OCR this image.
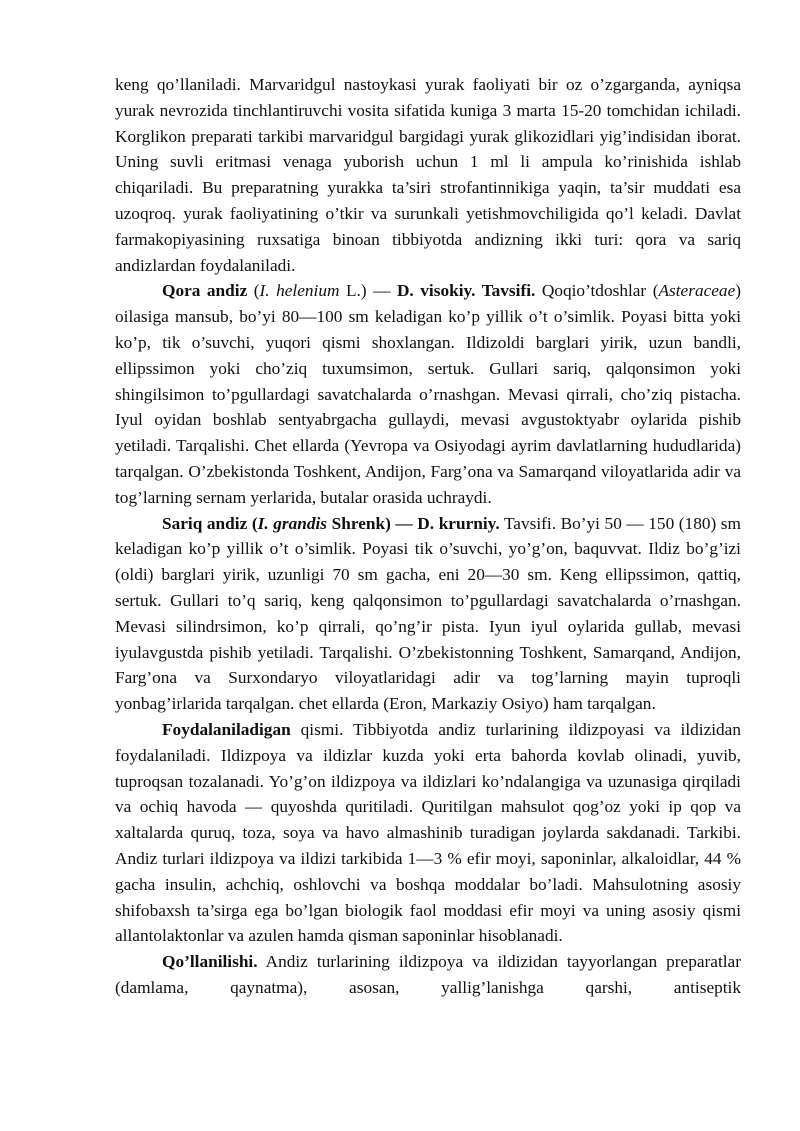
keng qo’llaniladi. Marvaridgul nastoykasi yurak faoliyati bir oz o’zgarganda, ayniqsa yurak nevrozida tinchlantiruvchi vosita sifatida kuniga 3 marta 15-20 tomchidan ichiladi. Korglikon preparati tarkibi marvaridgul bargidagi yurak glikozidlari yig’indisidan iborat. Uning suvli eritmasi venaga yuborish uchun 1 ml li ampula ko’rinishida ishlab chiqariladi. Bu preparatning yurakka ta’siri strofantinnikiga yaqin, ta’sir muddati esa uzoqroq. yurak faoliyatining o’tkir va surunkali yetishmovchiligida qo’l keladi. Davlat farmakopiyasining ruxsatiga binoan tibbiyotda andizning ikki turi: qora va sariq andizlardan foydalaniladi.

Qora andiz (I. helenium L.) — D. visokiy. Tavsifi. Qoqio’tdoshlar (Asteraceae) oilasiga mansub, bo’yi 80—100 sm keladigan ko’p yillik o’t o’simlik. Poyasi bitta yoki ko’p, tik o’suvchi, yuqori qismi shoxlangan. Ildizoldi barglari yirik, uzun bandli, ellipssimon yoki cho’ziq tuxumsimon, sertuk. Gullari sariq, qalqonsimon yoki shingilsimon to’pgullardagi savatchalarda o’rnashgan. Mevasi qirrali, cho’ziq pistacha. Iyul oyidan boshlab sentyabrgacha gullaydi, mevasi avgustoktyabr oylarida pishib yetiladi. Tarqalishi. Chet ellarda (Yevropa va Osiyodagi ayrim davlatlarning hududlarida) tarqalgan. O’zbekistonda Toshkent, Andijon, Farg’ona va Samarqand viloyatlarida adir va tog’larning sernam yerlarida, butalar orasida uchraydi.

Sariq andiz (I. grandis Shrenk) — D. krurniy. Tavsifi. Bo’yi 50 — 150 (180) sm keladigan ko’p yillik o’t o’simlik. Poyasi tik o’suvchi, yo’g’on, baquvvat. Ildiz bo’g’izi (oldi) barglari yirik, uzunligi 70 sm gacha, eni 20—30 sm. Keng ellipssimon, qattiq, sertuk. Gullari to’q sariq, keng qalqonsimon to’pgullardagi savatchalarda o’rnashgan. Mevasi silindrsimon, ko’p qirrali, qo’ng’ir pista. Iyun iyul oylarida gullab, mevasi iyulavgustda pishib yetiladi. Tarqalishi. O’zbekistonning Toshkent, Samarqand, Andijon, Farg’ona va Surxondaryo viloyatlaridagi adir va tog’larning mayin tuproqli yonbag’irlarida tarqalgan. chet ellarda (Eron, Markaziy Osiyo) ham tarqalgan.

Foydalaniladigan qismi. Tibbiyotda andiz turlarining ildizpoyasi va ildizidan foydalaniladi. Ildizpoya va ildizlar kuzda yoki erta bahorda kovlab olinadi, yuvib, tuproqsan tozalanadi. Yo’g’on ildizpoya va ildizlari ko’ndalangiga va uzunasiga qirqiladi va ochiq havoda — quyoshda quritiladi. Quritilgan mahsulot qog’oz yoki ip qop va xaltalarda quruq, toza, soya va havo almashinib turadigan joylarda sakdanadi. Tarkibi. Andiz turlari ildizpoya va ildizi tarkibida 1—3 % efir moyi, saponinlar, alkaloidlar, 44 % gacha insulin, achchiq, oshlovchi va boshqa moddalar bo’ladi. Mahsulotning asosiy shifobaxsh ta’sirga ega bo’lgan biologik faol moddasi efir moyi va uning asosiy qismi allantolaktonlar va azulen hamda qisman saponinlar hisoblanadi.

Qo’llanilishi. Andiz turlarining ildizpoya va ildizidan tayyorlangan preparatlar (damlama, qaynatma), asosan, yallig’lanishga qarshi, antiseptik
